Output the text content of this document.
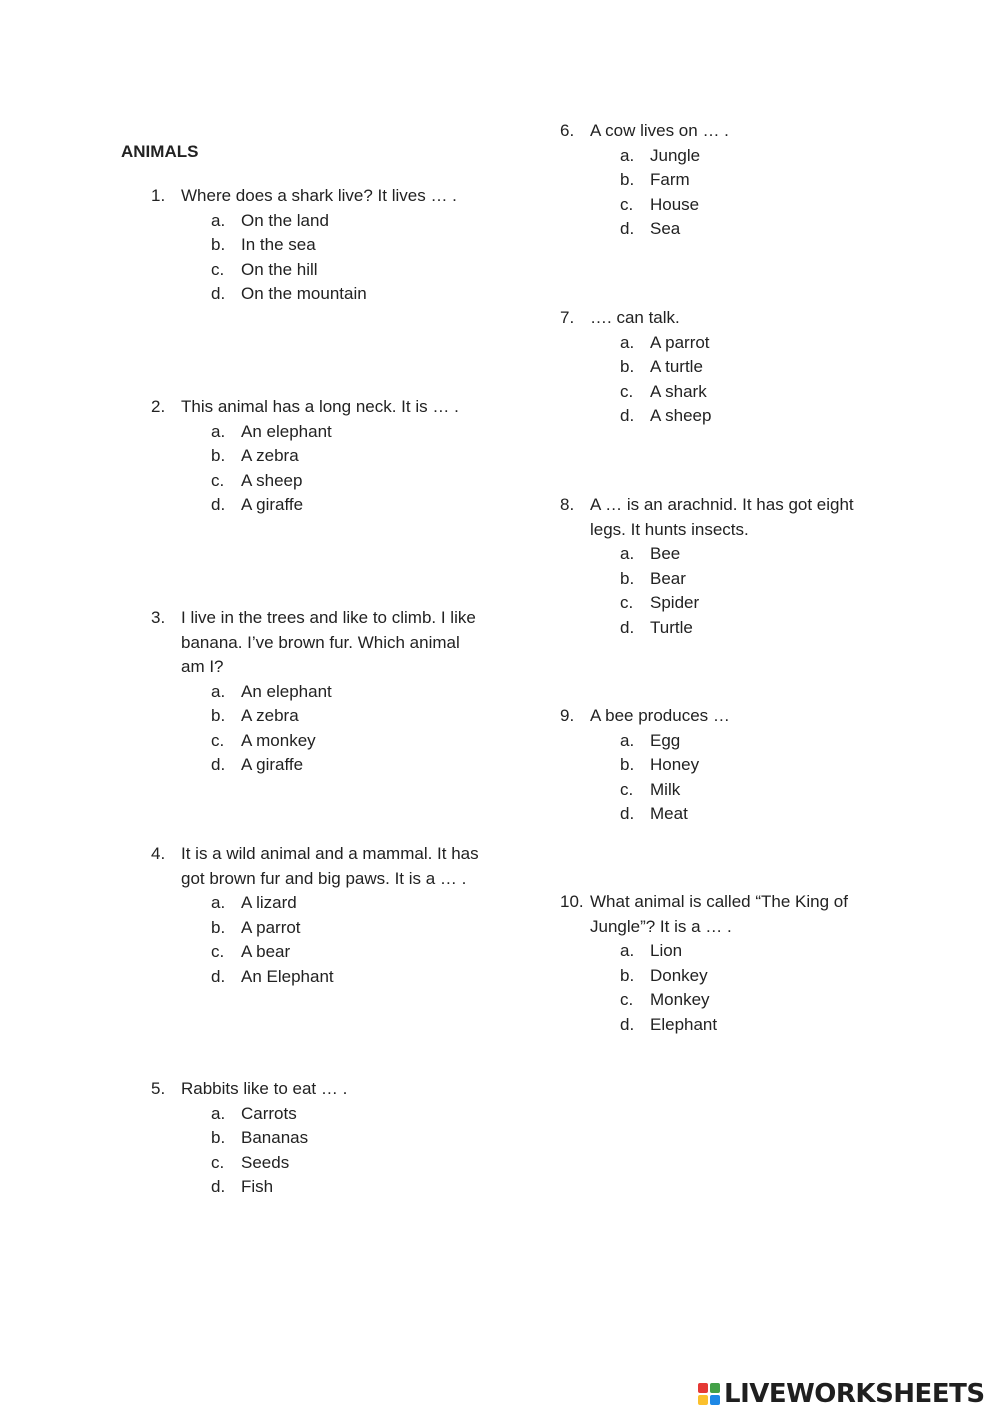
ANIMALS
1. Where does a shark live? It lives … .
a. On the land
b. In the sea
c. On the hill
d. On the mountain
2. This animal has a long neck. It is … .
a. An elephant
b. A zebra
c. A sheep
d. A giraffe
3. I live in the trees and like to climb. I like banana. I’ve brown fur. Which animal am I?
a. An elephant
b. A zebra
c. A monkey
d. A giraffe
4. It is a wild animal and a mammal. It has got brown fur and big paws. It is a … .
a. A lizard
b. A parrot
c. A bear
d. An Elephant
5. Rabbits like to eat … .
a. Carrots
b. Bananas
c. Seeds
d. Fish
6. A cow lives on … .
a. Jungle
b. Farm
c. House
d. Sea
7. …. can talk.
a. A parrot
b. A turtle
c. A shark
d. A sheep
8. A … is an arachnid. It has got eight legs. It hunts insects.
a. Bee
b. Bear
c. Spider
d. Turtle
9. A bee produces …
a. Egg
b. Honey
c. Milk
d. Meat
10. What animal is called “The King of Jungle”? It is a … .
a. Lion
b. Donkey
c. Monkey
d. Elephant
LIVEWORKSHEETS
